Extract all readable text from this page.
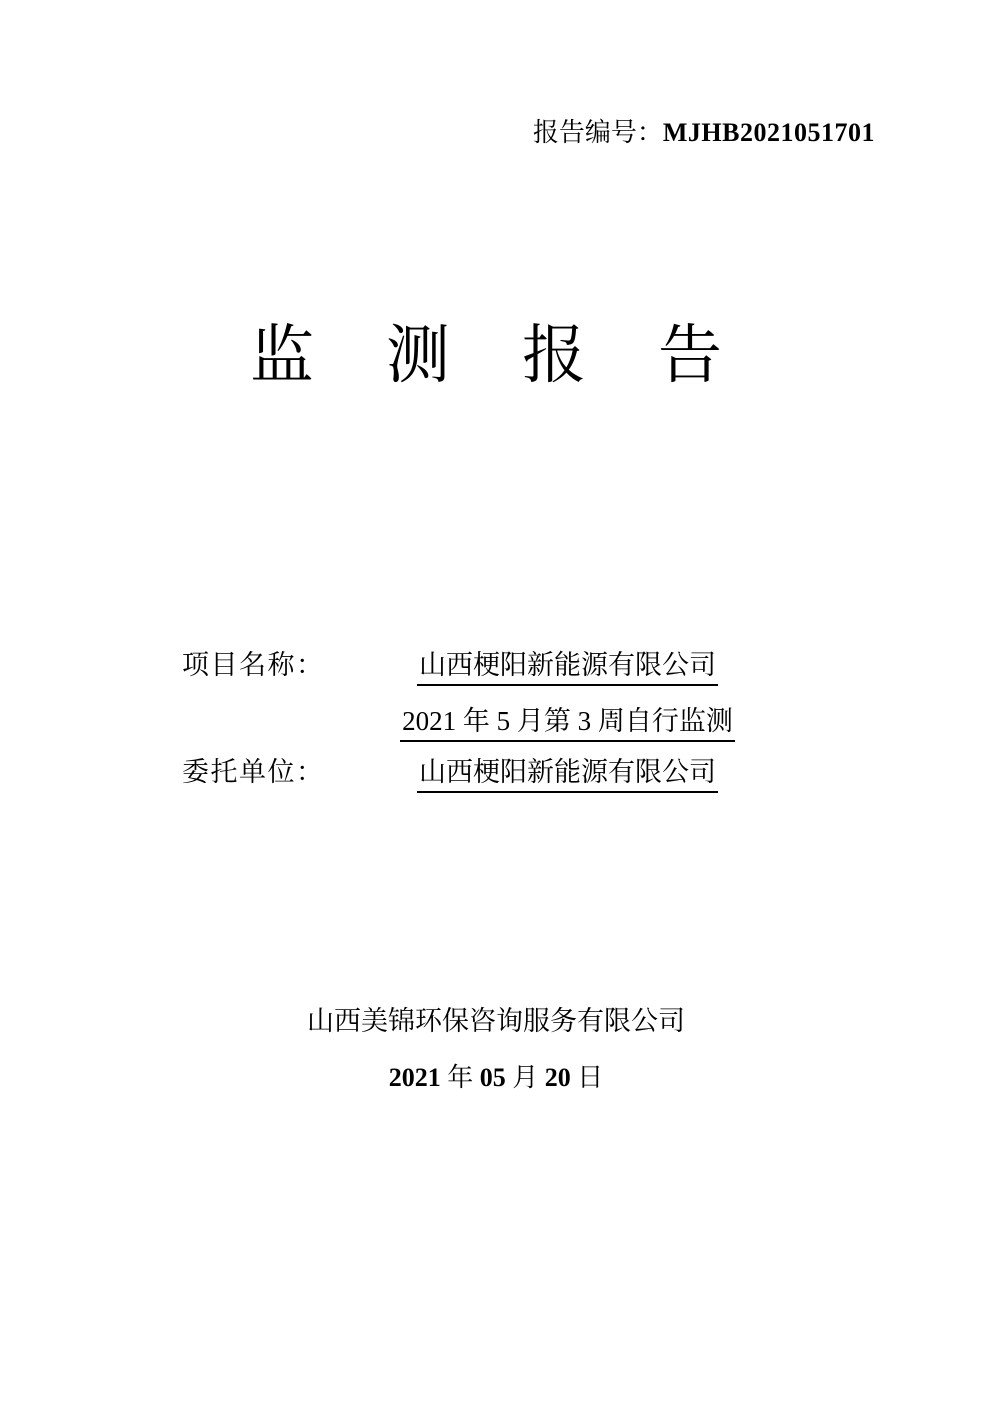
报告编号：MJHB2021051701
监测报告
项目名称：	山西梗阳新能源有限公司
2021 年 5 月第 3 周自行监测
委托单位：	山西梗阳新能源有限公司
山西美锦环保咨询服务有限公司
2021 年 05 月 20 日
